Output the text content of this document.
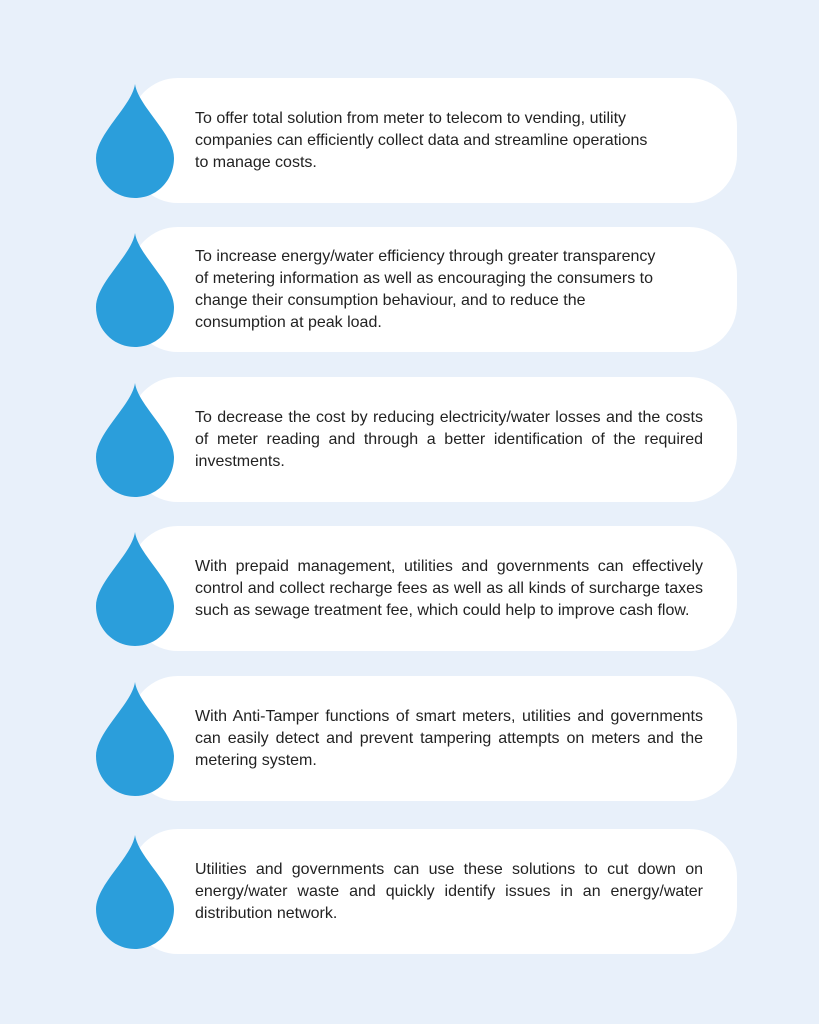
To offer total solution from meter to telecom to vending, utility companies can efficiently collect data and streamline operations to manage costs.

To increase energy/water efficiency through greater transparency of metering information as well as encouraging the consumers to change their consumption behaviour, and to reduce the consumption at peak load.

To decrease the cost by reducing electricity/water losses and the costs of meter reading and through a better identification of the required investments.

With prepaid management, utilities and governments can effectively control and collect recharge fees as well as all kinds of surcharge taxes such as sewage treatment fee, which could help to improve cash flow.

With Anti-Tamper functions of smart meters, utilities and governments can easily detect and prevent tampering attempts on meters and the metering system.

Utilities and governments can use these solutions to cut down on energy/water waste and quickly identify issues in an energy/water distribution network.
